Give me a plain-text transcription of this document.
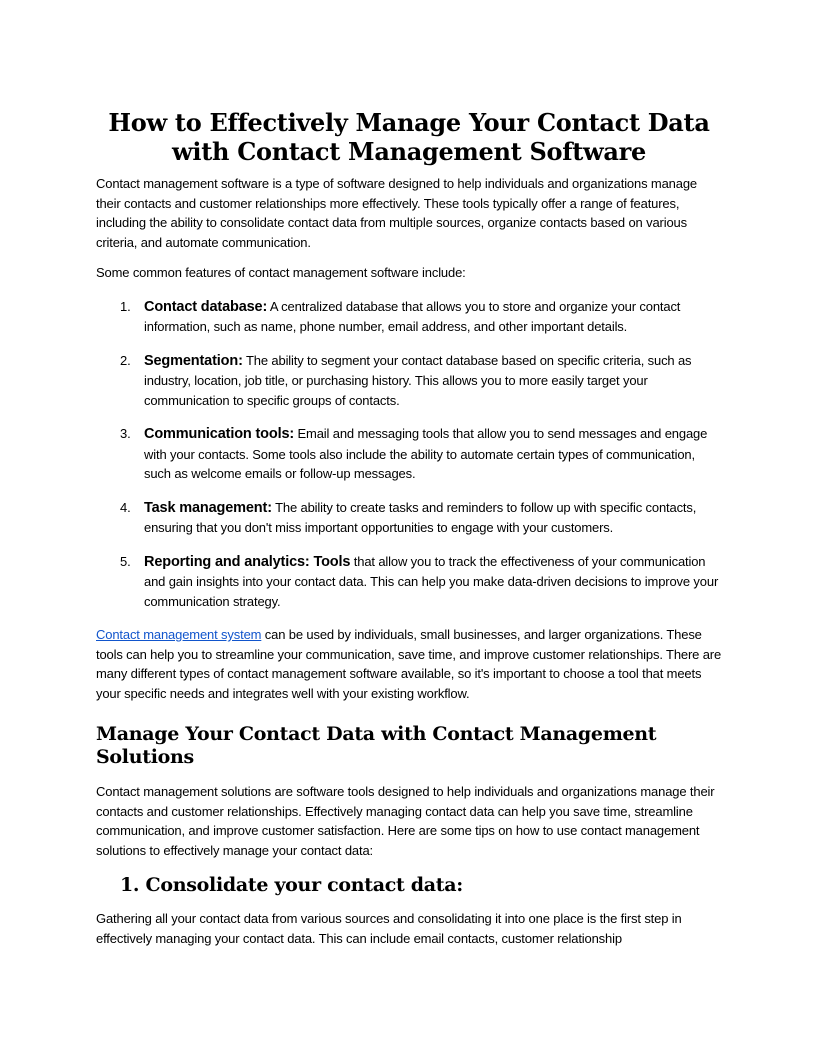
How to Effectively Manage Your Contact Data with Contact Management Software

Contact management software is a type of software designed to help individuals and organizations manage their contacts and customer relationships more effectively. These tools typically offer a range of features, including the ability to consolidate contact data from multiple sources, organize contacts based on various criteria, and automate communication.

Some common features of contact management software include:

1. Contact database: A centralized database that allows you to store and organize your contact information, such as name, phone number, email address, and other important details.
2. Segmentation: The ability to segment your contact database based on specific criteria, such as industry, location, job title, or purchasing history. This allows you to more easily target your communication to specific groups of contacts.
3. Communication tools: Email and messaging tools that allow you to send messages and engage with your contacts. Some tools also include the ability to automate certain types of communication, such as welcome emails or follow-up messages.
4. Task management: The ability to create tasks and reminders to follow up with specific contacts, ensuring that you don't miss important opportunities to engage with your customers.
5. Reporting and analytics: Tools that allow you to track the effectiveness of your communication and gain insights into your contact data. This can help you make data-driven decisions to improve your communication strategy.

Contact management system can be used by individuals, small businesses, and larger organizations. These tools can help you to streamline your communication, save time, and improve customer relationships. There are many different types of contact management software available, so it's important to choose a tool that meets your specific needs and integrates well with your existing workflow.

Manage Your Contact Data with Contact Management Solutions

Contact management solutions are software tools designed to help individuals and organizations manage their contacts and customer relationships. Effectively managing contact data can help you save time, streamline communication, and improve customer satisfaction. Here are some tips on how to use contact management solutions to effectively manage your contact data:

1. Consolidate your contact data:

Gathering all your contact data from various sources and consolidating it into one place is the first step in effectively managing your contact data. This can include email contacts, customer relationship
